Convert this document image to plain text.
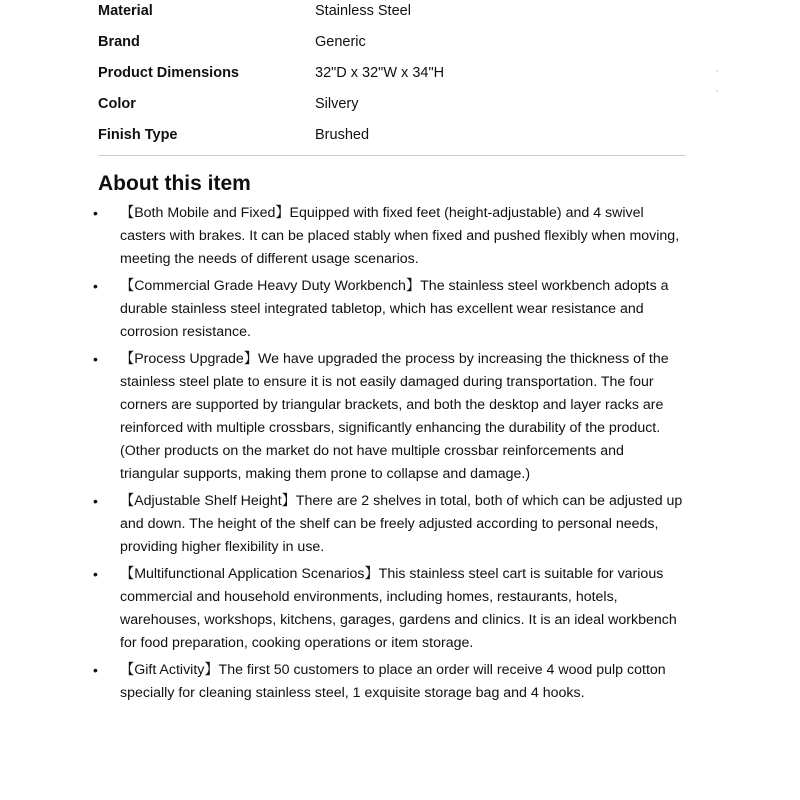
Material	Stainless Steel
Brand	Generic
Product Dimensions	32"D x 32"W x 34"H
Color	Silvery
Finish Type	Brushed
About this item
• 【Both Mobile and Fixed】Equipped with fixed feet (height-adjustable) and 4 swivel casters with brakes. It can be placed stably when fixed and pushed flexibly when moving, meeting the needs of different usage scenarios.
• 【Commercial Grade Heavy Duty Workbench】The stainless steel workbench adopts a durable stainless steel integrated tabletop, which has excellent wear resistance and corrosion resistance.
• 【Process Upgrade】We have upgraded the process by increasing the thickness of the stainless steel plate to ensure it is not easily damaged during transportation. The four corners are supported by triangular brackets, and both the desktop and layer racks are reinforced with multiple crossbars, significantly enhancing the durability of the product. (Other products on the market do not have multiple crossbar reinforcements and triangular supports, making them prone to collapse and damage.)
• 【Adjustable Shelf Height】There are 2 shelves in total, both of which can be adjusted up and down. The height of the shelf can be freely adjusted according to personal needs, providing higher flexibility in use.
• 【Multifunctional Application Scenarios】This stainless steel cart is suitable for various commercial and household environments, including homes, restaurants, hotels, warehouses, workshops, kitchens, garages, gardens and clinics. It is an ideal workbench for food preparation, cooking operations or item storage.
• 【Gift Activity】The first 50 customers to place an order will receive 4 wood pulp cotton specially for cleaning stainless steel, 1 exquisite storage bag and 4 hooks.
